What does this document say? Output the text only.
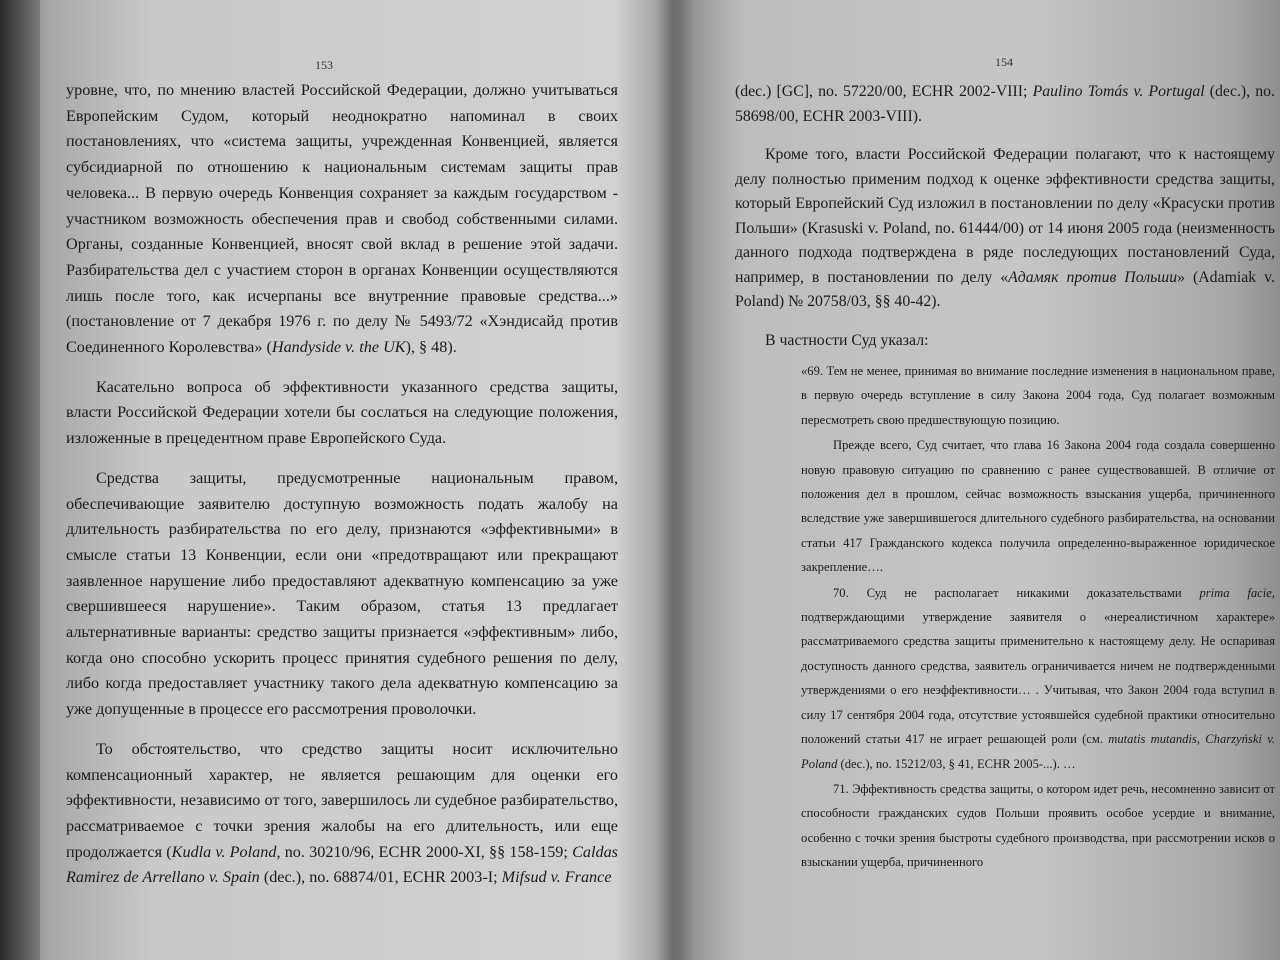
153

уровне, что, по мнению властей Российской Федерации, должно учитываться Европейским Судом, который неоднократно напоминал в своих постановлениях, что «система защиты, учрежденная Конвенцией, является субсидиарной по отношению к национальным системам защиты прав человека... В первую очередь Конвенция сохраняет за каждым государством - участником возможность обеспечения прав и свобод собственными силами. Органы, созданные Конвенцией, вносят свой вклад в решение этой задачи. Разбирательства дел с участием сторон в органах Конвенции осуществляются лишь после того, как исчерпаны все внутренние правовые средства...» (постановление от 7 декабря 1976 г. по делу № 5493/72 «Хэндисайд против Соединенного Королевства» (Handyside v. the UK), § 48).

Касательно вопроса об эффективности указанного средства защиты, власти Российской Федерации хотели бы сослаться на следующие положения, изложенные в прецедентном праве Европейского Суда.

Средства защиты, предусмотренные национальным правом, обеспечивающие заявителю доступную возможность подать жалобу на длительность разбирательства по его делу, признаются «эффективными» в смысле статьи 13 Конвенции, если они «предотвращают или прекращают заявленное нарушение либо предоставляют адекватную компенсацию за уже свершившееся нарушение». Таким образом, статья 13 предлагает альтернативные варианты: средство защиты признается «эффективным» либо, когда оно способно ускорить процесс принятия судебного решения по делу, либо когда предоставляет участнику такого дела адекватную компенсацию за уже допущенные в процессе его рассмотрения проволочки.

То обстоятельство, что средство защиты носит исключительно компенсационный характер, не является решающим для оценки его эффективности, независимо от того, завершилось ли судебное разбирательство, рассматриваемое с точки зрения жалобы на его длительность, или еще продолжается (Kudla v. Poland, no. 30210/96, ECHR 2000-XI, §§ 158-159; Caldas Ramirez de Arrellano v. Spain (dec.), no. 68874/01, ECHR 2003-I; Mifsud v. France

154

(dec.) [GC], no. 57220/00, ECHR 2002-VIII; Paulino Tomás v. Portugal (dec.), no. 58698/00, ECHR 2003-VIII).

Кроме того, власти Российской Федерации полагают, что к настоящему делу полностью применим подход к оценке эффективности средства защиты, который Европейский Суд изложил в постановлении по делу «Красуски против Польши» (Krasuski v. Poland, no. 61444/00) от 14 июня 2005 года (неизменность данного подхода подтверждена в ряде последующих постановлений Суда, например, в постановлении по делу «Адамяк против Польши» (Adamiak v. Poland) № 20758/03, §§ 40-42).

В частности Суд указал:

«69. Тем не менее, принимая во внимание последние изменения в национальном праве, в первую очередь вступление в силу Закона 2004 года, Суд полагает возможным пересмотреть свою предшествующую позицию.

Прежде всего, Суд считает, что глава 16 Закона 2004 года создала совершенно новую правовую ситуацию по сравнению с ранее существовавшей. В отличие от положения дел в прошлом, сейчас возможность взыскания ущерба, причиненного вследствие уже завершившегося длительного судебного разбирательства, на основании статьи 417 Гражданского кодекса получила определенно-выраженное юридическое закрепление….

70. Суд не располагает никакими доказательствами prima facie, подтверждающими утверждение заявителя о «нереалистичном характере» рассматриваемого средства защиты применительно к настоящему делу. Не оспаривая доступность данного средства, заявитель ограничивается ничем не подтвержденными утверждениями о его неэффективности… . Учитывая, что Закон 2004 года вступил в силу 17 сентября 2004 года, отсутствие устоявшейся судебной практики относительно положений статьи 417 не играет решающей роли (см. mutatis mutandis, Charzyński v. Poland (dec.), no. 15212/03, § 41, ECHR 2005-...). …

71. Эффективность средства защиты, о котором идет речь, несомненно зависит от способности гражданских судов Польши проявить особое усердие и внимание, особенно с точки зрения быстроты судебного производства, при рассмотрении исков о взыскании ущерба, причиненного
